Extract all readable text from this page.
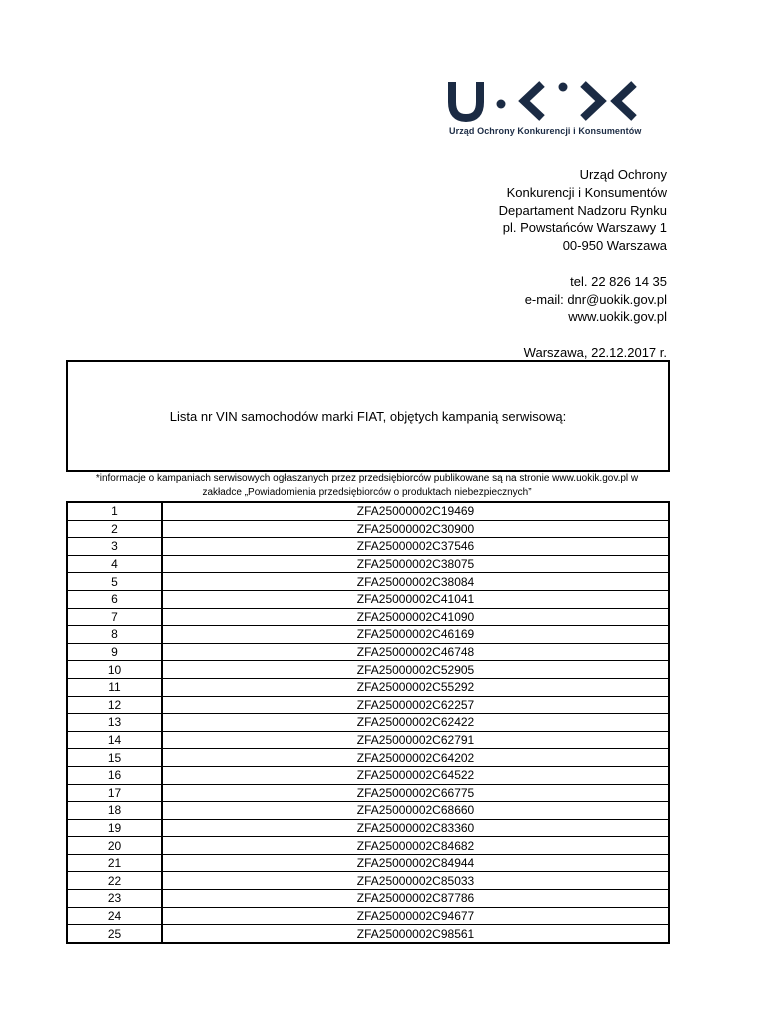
Urząd Ochrony Konkurencji i Konsumentów
Urząd Ochrony
Konkurencji i Konsumentów
Departament Nadzoru Rynku
pl. Powstańców Warszawy 1
00-950 Warszawa
tel. 22 826 14 35
e-mail: dnr@uokik.gov.pl
www.uokik.gov.pl
Warszawa, 22.12.2017 r.
Lista nr VIN samochodów marki FIAT, objętych kampanią serwisową:
*informacje o kampaniach serwisowych ogłaszanych przez przedsiębiorców publikowane są na stronie www.uokik.gov.pl w
zakładce „Powiadomienia przedsiębiorców o produktach niebezpiecznych”
1	ZFA25000002C19469
2	ZFA25000002C30900
3	ZFA25000002C37546
4	ZFA25000002C38075
5	ZFA25000002C38084
6	ZFA25000002C41041
7	ZFA25000002C41090
8	ZFA25000002C46169
9	ZFA25000002C46748
10	ZFA25000002C52905
11	ZFA25000002C55292
12	ZFA25000002C62257
13	ZFA25000002C62422
14	ZFA25000002C62791
15	ZFA25000002C64202
16	ZFA25000002C64522
17	ZFA25000002C66775
18	ZFA25000002C68660
19	ZFA25000002C83360
20	ZFA25000002C84682
21	ZFA25000002C84944
22	ZFA25000002C85033
23	ZFA25000002C87786
24	ZFA25000002C94677
25	ZFA25000002C98561
